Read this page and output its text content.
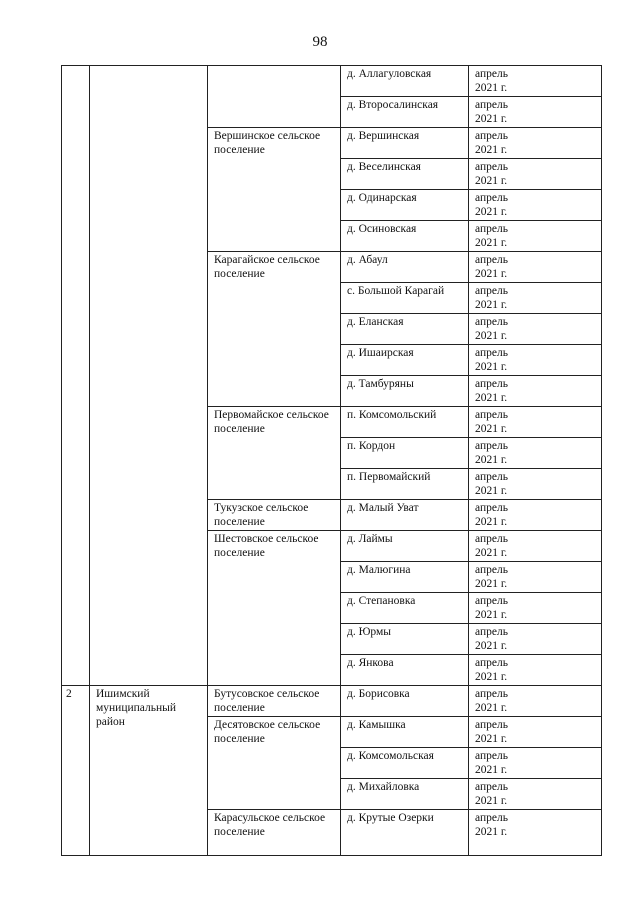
98
			д. Аллагуловская	апрель
2021 г.

			д. Второсалинская	апрель
2021 г.

		Вершинское сельское поселение	д. Вершинская	апрель
2021 г.

			д. Веселинская	апрель
2021 г.

			д. Одинарская	апрель
2021 г.

			д. Осиновская	апрель
2021 г.

		Карагайское сельское поселение	д. Абаул	апрель
2021 г.

			с. Большой Карагай	апрель
2021 г.

			д. Еланская	апрель
2021 г.

			д. Ишаирская	апрель
2021 г.

			д. Тамбуряны	апрель
2021 г.

		Первомайское сельское поселение	п. Комсомольский	апрель
2021 г.

			п. Кордон	апрель
2021 г.

			п. Первомайский	апрель
2021 г.

		Тукузское сельское поселение	д. Малый Уват	апрель
2021 г.

		Шестовское сельское поселение	д. Лаймы	апрель
2021 г.

			д. Малюгина	апрель
2021 г.

			д. Степановка	апрель
2021 г.

			д. Юрмы	апрель
2021 г.

			д. Янкова	апрель
2021 г.

2	Ишимский муниципальный район	Бутусовское сельское поселение	д. Борисовка	апрель
2021 г.

		Десятовское сельское поселение	д. Камышка	апрель
2021 г.

			д. Комсомольская	апрель
2021 г.

			д. Михайловка	апрель
2021 г.

		Карасульское сельское поселение	д. Крутые Озерки	апрель
2021 г.
